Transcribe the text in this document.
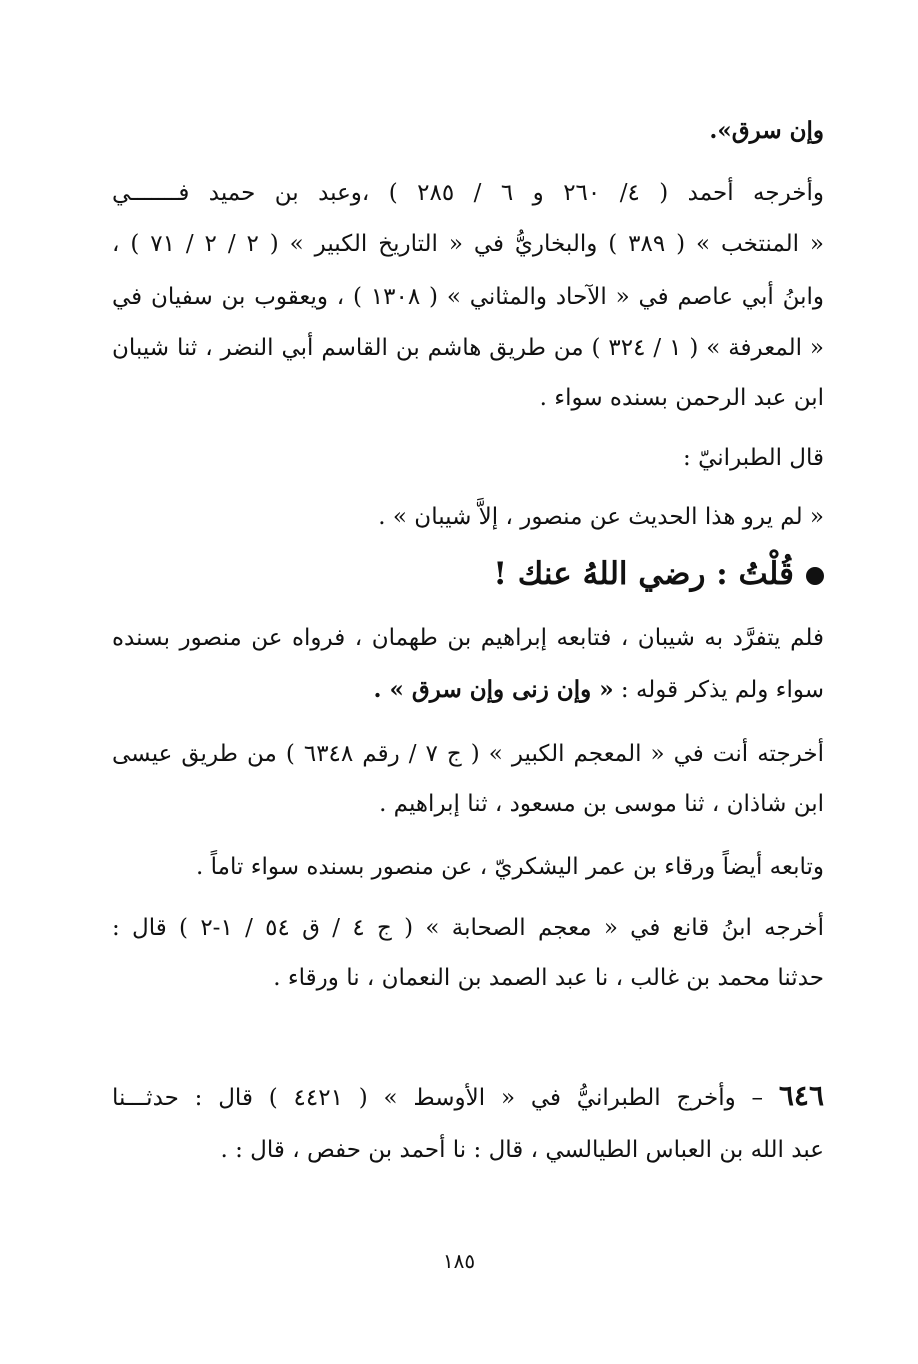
وإن سرق».
وأخرجه أحمد ( ٤/ ٢٦٠ و ٦ / ٢٨٥ ) ،وعبد بن حميد فـــــــي
« المنتخب » ( ٣٨٩ ) والبخاريُّ في « التاريخ الكبير » ( ٢ / ٢ / ٧١ ) ،
وابنُ أبي عاصم في « الآحاد والمثاني » ( ١٣٠٨ ) ، ويعقوب بن سفيان في
« المعرفة » ( ١ / ٣٢٤ ) من طريق هاشم بن القاسم أبي النضر ، ثنا شيبان
ابن عبد الرحمن بسنده سواء .
قال الطبرانيّ :
« لم يرو هذا الحديث عن منصور ، إلاَّ شيبان » .
قُلْتُ : رضي اللهُ عنك !
فلم يتفرَّد به شيبان ، فتابعه إبراهيم بن طهمان ، فرواه عن منصور بسنده
سواء ولم يذكر قوله : « وإن زنى وإن سرق » .
أخرجته أنت في « المعجم الكبير » ( ج ٧ / رقم ٦٣٤٨ ) من طريق عيسى
ابن شاذان ، ثنا موسى بن مسعود ، ثنا إبراهيم .
وتابعه أيضاً ورقاء بن عمر اليشكريّ ، عن منصور بسنده سواء تاماً .
أخرجه ابنُ قانع في « معجم الصحابة » ( ج ٤ / ق ٥٤ / ١-٢ ) قال :
حدثنا محمد بن غالب ، نا عبد الصمد بن النعمان ، نا ورقاء .
٦٤٦ – وأخرج الطبرانيُّ في « الأوسط » ( ٤٤٢١ ) قال : حدثـــنا
عبد الله بن العباس الطيالسي ، قال : نا أحمد بن حفص ، قال : .
١٨٥
